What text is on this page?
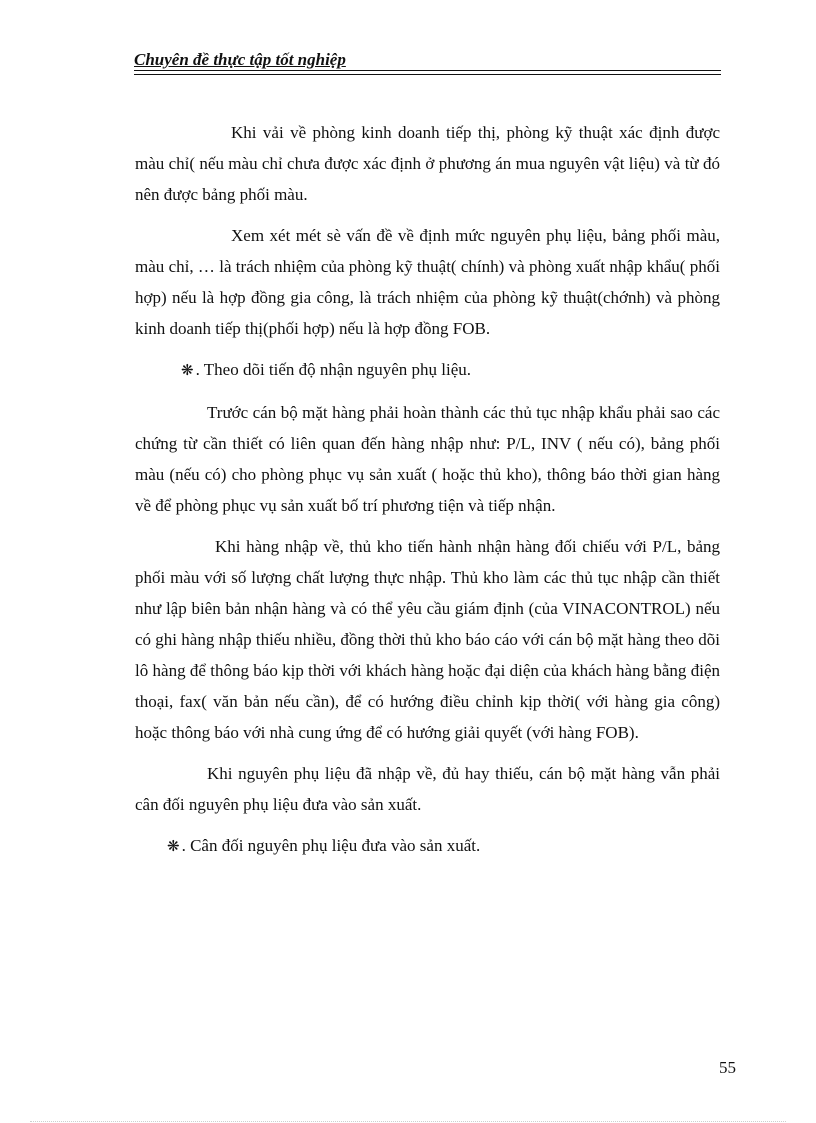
Chuyên đề thực tập tốt nghiệp

Khi vải về phòng kinh doanh tiếp thị, phòng kỹ thuật xác định được màu chỉ( nếu màu chỉ chưa được xác định ở phương án mua nguyên vật liệu) và từ đó nên được bảng phối màu.

Xem xét mét sè vấn đề về định mức nguyên phụ liệu, bảng phối màu, màu chỉ, … là trách nhiệm của phòng kỹ thuật( chính) và phòng xuất nhập khẩu( phối hợp) nếu là hợp đồng gia công, là trách nhiệm của phòng kỹ thuật(chớnh) và phòng kinh doanh tiếp thị(phối hợp) nếu là hợp đồng FOB.

❋ . Theo dõi tiến độ nhận nguyên phụ liệu.

Trước cán bộ mặt hàng phải hoàn thành các thủ tục nhập khẩu phải sao các chứng từ cần thiết có liên quan đến hàng nhập như: P/L, INV ( nếu có), bảng phối màu (nếu có) cho phòng phục vụ sản xuất ( hoặc thủ kho), thông báo thời gian hàng về để phòng phục vụ sản xuất bố trí phương tiện và tiếp nhận.

Khi hàng nhập về, thủ kho tiến hành nhận hàng đối chiếu với P/L, bảng phối màu với số lượng chất lượng thực nhập. Thủ kho làm các thủ tục nhập cần thiết như lập biên bản nhận hàng và có thể yêu cầu giám định (của VINACONTROL) nếu có ghi hàng nhập thiếu nhiều, đồng thời thủ kho báo cáo với cán bộ mặt hàng theo dõi lô hàng để thông báo kịp thời với khách hàng hoặc đại diện của khách hàng bằng điện thoại, fax( văn bản nếu cần), để có hướng điều chỉnh kịp thời( với hàng gia công) hoặc thông báo với nhà cung ứng để có hướng giải quyết (với hàng FOB).

Khi nguyên phụ liệu đã nhập về, đủ hay thiếu, cán bộ mặt hàng vẫn phải cân đối nguyên phụ liệu đưa vào sản xuất.

❋ . Cân đối nguyên phụ liệu đưa vào sản xuất.
55
